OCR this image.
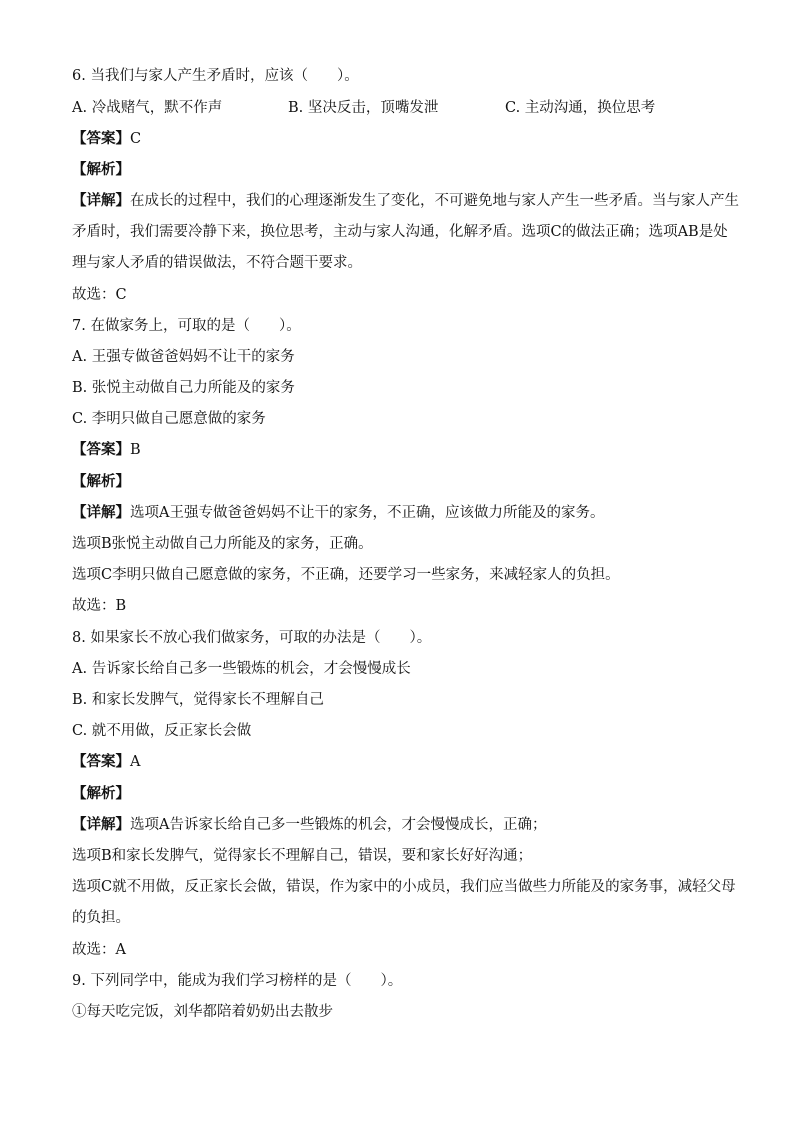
6. 当我们与家人产生矛盾时，应该（　　）。
A. 冷战赌气，默不作声	B. 坚决反击，顶嘴发泄	C. 主动沟通，换位思考
【答案】C
【解析】
【详解】在成长的过程中，我们的心理逐渐发生了变化，不可避免地与家人产生一些矛盾。当与家人产生
矛盾时，我们需要冷静下来，换位思考，主动与家人沟通，化解矛盾。选项C的做法正确；选项AB是处
理与家人矛盾的错误做法，不符合题干要求。
故选：C
7. 在做家务上，可取的是（　　）。
A. 王强专做爸爸妈妈不让干的家务
B. 张悦主动做自己力所能及的家务
C. 李明只做自己愿意做的家务
【答案】B
【解析】
【详解】选项A王强专做爸爸妈妈不让干的家务，不正确，应该做力所能及的家务。
选项B张悦主动做自己力所能及的家务，正确。
选项C李明只做自己愿意做的家务，不正确，还要学习一些家务，来减轻家人的负担。
故选：B
8. 如果家长不放心我们做家务，可取的办法是（　　）。
A. 告诉家长给自己多一些锻炼的机会，才会慢慢成长
B. 和家长发脾气，觉得家长不理解自己
C. 就不用做，反正家长会做
【答案】A
【解析】
【详解】选项A告诉家长给自己多一些锻炼的机会，才会慢慢成长，正确；
选项B和家长发脾气，觉得家长不理解自己，错误，要和家长好好沟通；
选项C就不用做，反正家长会做，错误，作为家中的小成员，我们应当做些力所能及的家务事，减轻父母
的负担。
故选：A
9. 下列同学中，能成为我们学习榜样的是（　　）。
①每天吃完饭，刘华都陪着奶奶出去散步
